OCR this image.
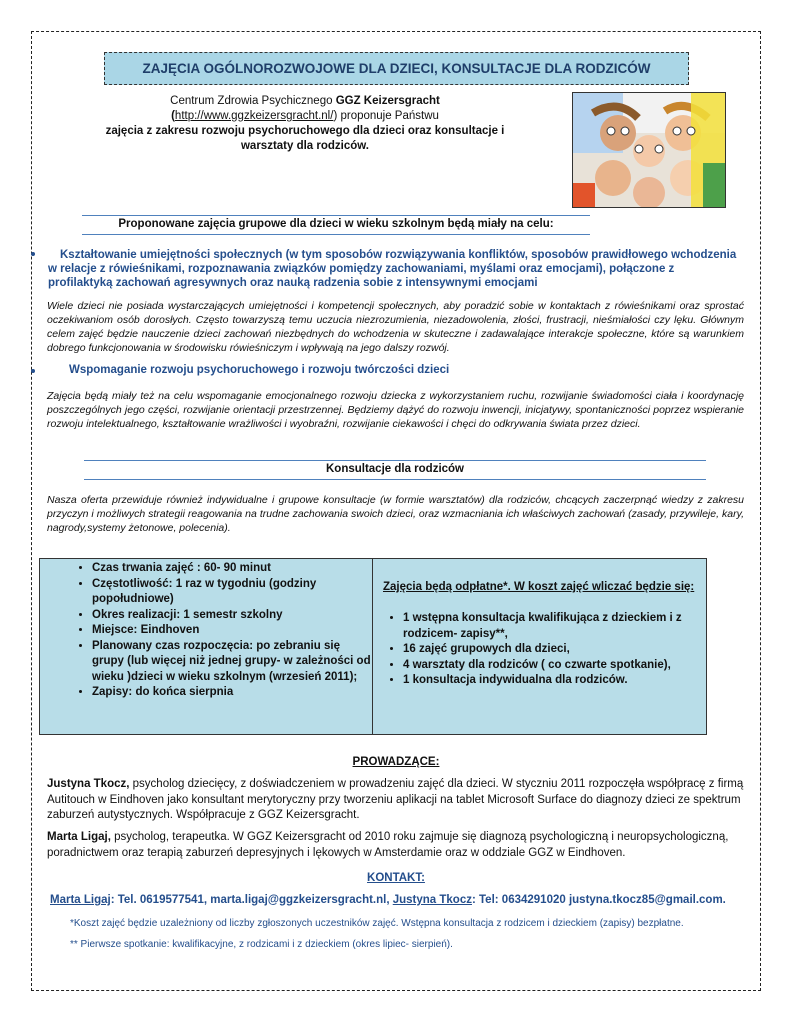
ZAJĘCIA OGÓLNOROZWOJOWE DLA DZIECI, KONSULTACJE DLA RODZICÓW
Centrum Zdrowia Psychicznego GGZ Keizersgracht
(http://www.ggzkeizersgracht.nl/) proponuje Państwu
zajęcia z zakresu rozwoju psychoruchowego dla dzieci oraz konsultacje i warsztaty dla rodziców.
Proponowane zajęcia grupowe dla dzieci w wieku szkolnym będą miały na celu:
Kształtowanie umiejętności społecznych (w tym sposobów rozwiązywania konfliktów, sposobów prawidłowego wchodzenia w relacje z rówieśnikami, rozpoznawania związków pomiędzy zachowaniami, myślami oraz emocjami), połączone z profilaktyką zachowań agresywnych oraz nauką radzenia sobie z intensywnymi emocjami
Wiele dzieci nie posiada wystarczających umiejętności i kompetencji społecznych, aby poradzić sobie w kontaktach z rówieśnikami oraz sprostać oczekiwaniom osób dorosłych. Często towarzyszą temu uczucia niezrozumienia, niezadowolenia, złości, frustracji, nieśmiałości czy lęku. Głównym celem zajęć będzie nauczenie dzieci zachowań niezbędnych do wchodzenia w skuteczne i zadawalające interakcje społeczne, które są warunkiem dobrego funkcjonowania w środowisku rówieśniczym i wpływają na jego dalszy rozwój.
Wspomaganie rozwoju psychoruchowego i rozwoju twórczości dzieci
Zajęcia będą miały też na celu wspomaganie emocjonalnego rozwoju dziecka z wykorzystaniem ruchu, rozwijanie świadomości ciała i koordynację poszczególnych jego części, rozwijanie orientacji przestrzennej. Będziemy dążyć do rozwoju inwencji, inicjatywy, spontaniczności poprzez wspieranie rozwoju intelektualnego, kształtowanie wrażliwości i wyobraźni, rozwijanie ciekawości i chęci do odkrywania świata przez dzieci.
Konsultacje dla rodziców
Nasza oferta przewiduje również indywidualne i grupowe konsultacje (w formie warsztatów) dla rodziców, chcących zaczerpnąć wiedzy z zakresu przyczyn i możliwych strategii reagowania na trudne zachowania swoich dzieci, oraz wzmacniania ich właściwych zachowań (zasady, przywileje, kary, nagrody,systemy żetonowe, polecenia).
• Czas trwania zajęć : 60- 90 minut
• Częstotliwość: 1 raz w tygodniu (godziny popołudniowe)
• Okres realizacji: 1 semestr szkolny
• Miejsce: Eindhoven
• Planowany czas rozpoczęcia: po zebraniu się grupy (lub więcej niż jednej grupy- w zależności od wieku )dzieci w wieku szkolnym (wrzesień 2011);
• Zapisy: do końca sierpnia
Zajęcia będą odpłatne*. W koszt zajęć wliczać będzie się:
• 1 wstępna konsultacja kwalifikująca z dzieckiem i z rodzicem- zapisy**,
• 16 zajęć grupowych dla dzieci,
• 4 warsztaty dla rodziców ( co czwarte spotkanie),
• 1 konsultacja indywidualna dla rodziców.
PROWADZĄCE:
Justyna Tkocz, psycholog dziecięcy, z doświadczeniem w prowadzeniu zajęć dla dzieci. W styczniu 2011 rozpoczęła współpracę z firmą Autitouch w Eindhoven jako konsultant merytoryczny przy tworzeniu aplikacji na tablet Microsoft Surface do diagnozy dzieci ze spektrum zaburzeń autystycznych. Współpracuje z GGZ Keizersgracht.
Marta Ligaj, psycholog, terapeutka. W GGZ Keizersgracht od 2010 roku zajmuje się diagnozą psychologiczną i neuropsychologiczną, poradnictwem oraz terapią zaburzeń depresyjnych i lękowych w Amsterdamie oraz w oddziale GGZ w Eindhoven.
KONTAKT:
Marta Ligaj: Tel. 0619577541, marta.ligaj@ggzkeizersgracht.nl, Justyna Tkocz: Tel: 0634291020 justyna.tkocz85@gmail.com.
*Koszt zajęć będzie uzależniony od liczby zgłoszonych uczestników zajęć. Wstępna konsultacja z rodzicem i dzieckiem (zapisy) bezpłatne.
** Pierwsze spotkanie: kwalifikacyjne, z rodzicami i z dzieckiem (okres lipiec- sierpień).
